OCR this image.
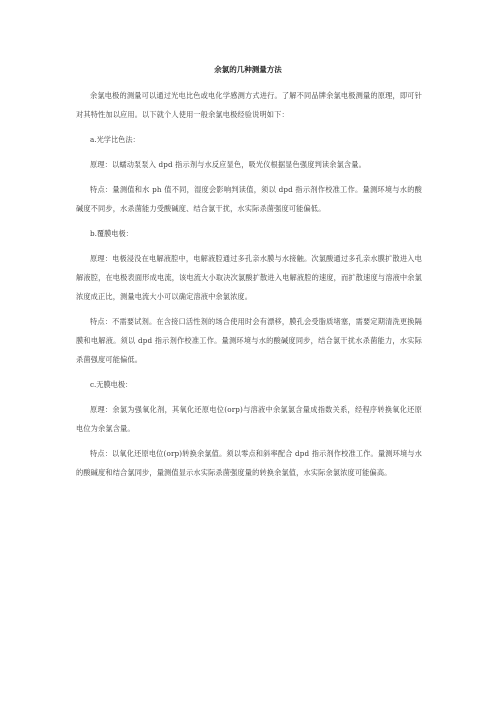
余氯的几种测量方法

余氯电极的测量可以通过光电比色或电化学感测方式进行。了解不同品牌余氯电极测量的原理，即可针对其特性加以应用。以下就个人使用一般余氯电极经验说明如下：

a.光学比色法：

原理：以蠕动泵泵入 dpd 指示剂与水反应显色，吸光仪根据显色强度判读余氯含量。

特点：量测值和水 ph 值不同，湿度会影响判读值，须以 dpd 指示剂作校准工作。量测环境与水的酸碱度不同步，水杀菌能力受酸碱度、结合氯干扰，水实际杀菌强度可能偏低。

b.覆膜电极：

原理：电极浸没在电解液腔中，电解液腔通过多孔亲水膜与水接触。次氯酸通过多孔亲水膜扩散进入电解液腔，在电极表面形成电流，该电流大小取决次氯酸扩散进入电解液腔的速度，而扩散速度与溶液中余氯浓度成正比，测量电流大小可以确定溶液中余氯浓度。

特点：不需要试剂。在含接口活性剂的场合使用时会有漂移，膜孔会受脂质堵塞，需要定期清洗更换隔膜和电解液。须以 dpd 指示剂作校准工作。量测环境与水的酸碱度同步，结合氯干扰水杀菌能力，水实际杀菌强度可能偏低。

c.无膜电极：

原理：余氯为强氧化剂，其氧化还原电位(orp)与溶液中余氯氯含量成指数关系，经程序转换氧化还原电位为余氯含量。

特点：以氧化还原电位(orp)转换余氯值。须以零点和斜率配合 dpd 指示剂作校准工作。量测环境与水的酸碱度和结合氯同步，量测值显示水实际杀菌强度量的转换余氯值，水实际余氯浓度可能偏高。
